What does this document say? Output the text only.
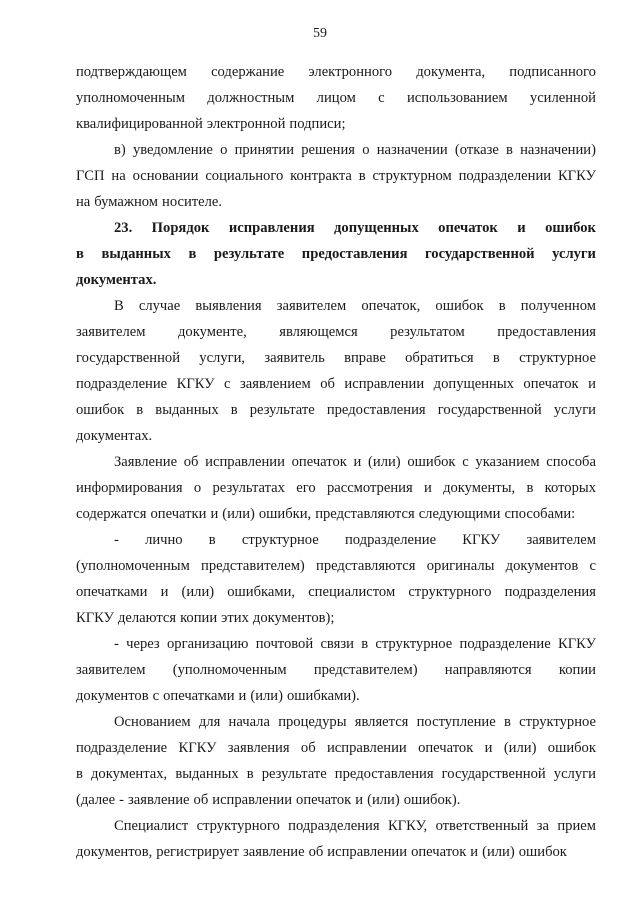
59
подтверждающем содержание электронного документа, подписанного
уполномоченным должностным лицом с использованием усиленной
квалифицированной электронной подписи;
в) уведомление о принятии решения о назначении (отказе в назначении)
ГСП на основании социального контракта в структурном подразделении КГКУ
на бумажном носителе.
23. Порядок исправления допущенных опечаток и ошибок
в выданных в результате предоставления государственной услуги
документах.
В случае выявления заявителем опечаток, ошибок в полученном
заявителем документе, являющемся результатом предоставления
государственной услуги, заявитель вправе обратиться в структурное
подразделение КГКУ с заявлением об исправлении допущенных опечаток и
ошибок в выданных в результате предоставления государственной услуги
документах.
Заявление об исправлении опечаток и (или) ошибок с указанием способа
информирования о результатах его рассмотрения и документы, в которых
содержатся опечатки и (или) ошибки, представляются следующими способами:
- лично в структурное подразделение КГКУ заявителем
(уполномоченным представителем) представляются оригиналы документов с
опечатками и (или) ошибками, специалистом структурного подразделения
КГКУ делаются копии этих документов);
- через организацию почтовой связи в структурное подразделение КГКУ
заявителем (уполномоченным представителем) направляются копии
документов с опечатками и (или) ошибками).
Основанием для начала процедуры является поступление в структурное
подразделение КГКУ заявления об исправлении опечаток и (или) ошибок
в документах, выданных в результате предоставления государственной услуги
(далее - заявление об исправлении опечаток и (или) ошибок).
Специалист структурного подразделения КГКУ, ответственный за прием
документов, регистрирует заявление об исправлении опечаток и (или) ошибок
